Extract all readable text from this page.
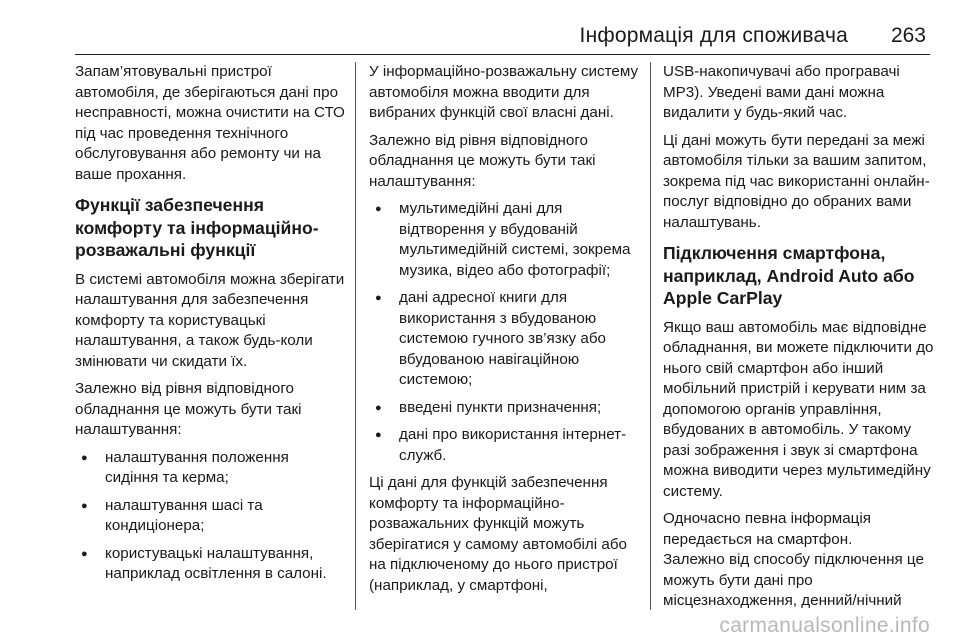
Інформація для споживача 263

Запам’ятовувальні пристрої автомобіля, де зберігаються дані про несправності, можна очистити на СТО під час проведення технічного обслуговування або ремонту чи на ваше прохання.

Функції забезпечення комфорту та інформаційно-розважальні функції

В системі автомобіля можна зберігати налаштування для забезпечення комфорту та користувацькі налаштування, а також будь-коли змінювати чи скидати їх.

Залежно від рівня відповідного обладнання це можуть бути такі налаштування:

● налаштування положення сидіння та керма;
● налаштування шасі та кондиціонера;
● користувацькі налаштування, наприклад освітлення в салоні.

У інформаційно-розважальну систему автомобіля можна вводити для вибраних функцій свої власні дані.

Залежно від рівня відповідного обладнання це можуть бути такі налаштування:

● мультимедійні дані для відтворення у вбудованій мультимедійній системі, зокрема музика, відео або фотографії;
● дані адресної книги для використання з вбудованою системою гучного зв’язку або вбудованою навігаційною системою;
● введені пункти призначення;
● дані про використання інтернет-служб.

Ці дані для функцій забезпечення комфорту та інформаційно-розважальних функцій можуть зберігатися у самому автомобілі або на підключеному до нього пристрої (наприклад, у смартфоні,

USB-накопичувачі або програвачі MP3). Уведені вами дані можна видалити у будь-який час.

Ці дані можуть бути передані за межі автомобіля тільки за вашим запитом, зокрема під час використанні онлайн-послуг відповідно до обраних вами налаштувань.

Підключення смартфона, наприклад, Android Auto або Apple CarPlay

Якщо ваш автомобіль має відповідне обладнання, ви можете підключити до нього свій смартфон або інший мобільний пристрій і керувати ним за допомогою органів управління, вбудованих в автомобіль. У такому разі зображення і звук зі смартфона можна виводити через мультимедійну систему.

Одночасно певна інформація передається на смартфон.

Залежно від способу підключення це можуть бути дані про місцезнаходження, денний/нічний

carmanualsonline.info
